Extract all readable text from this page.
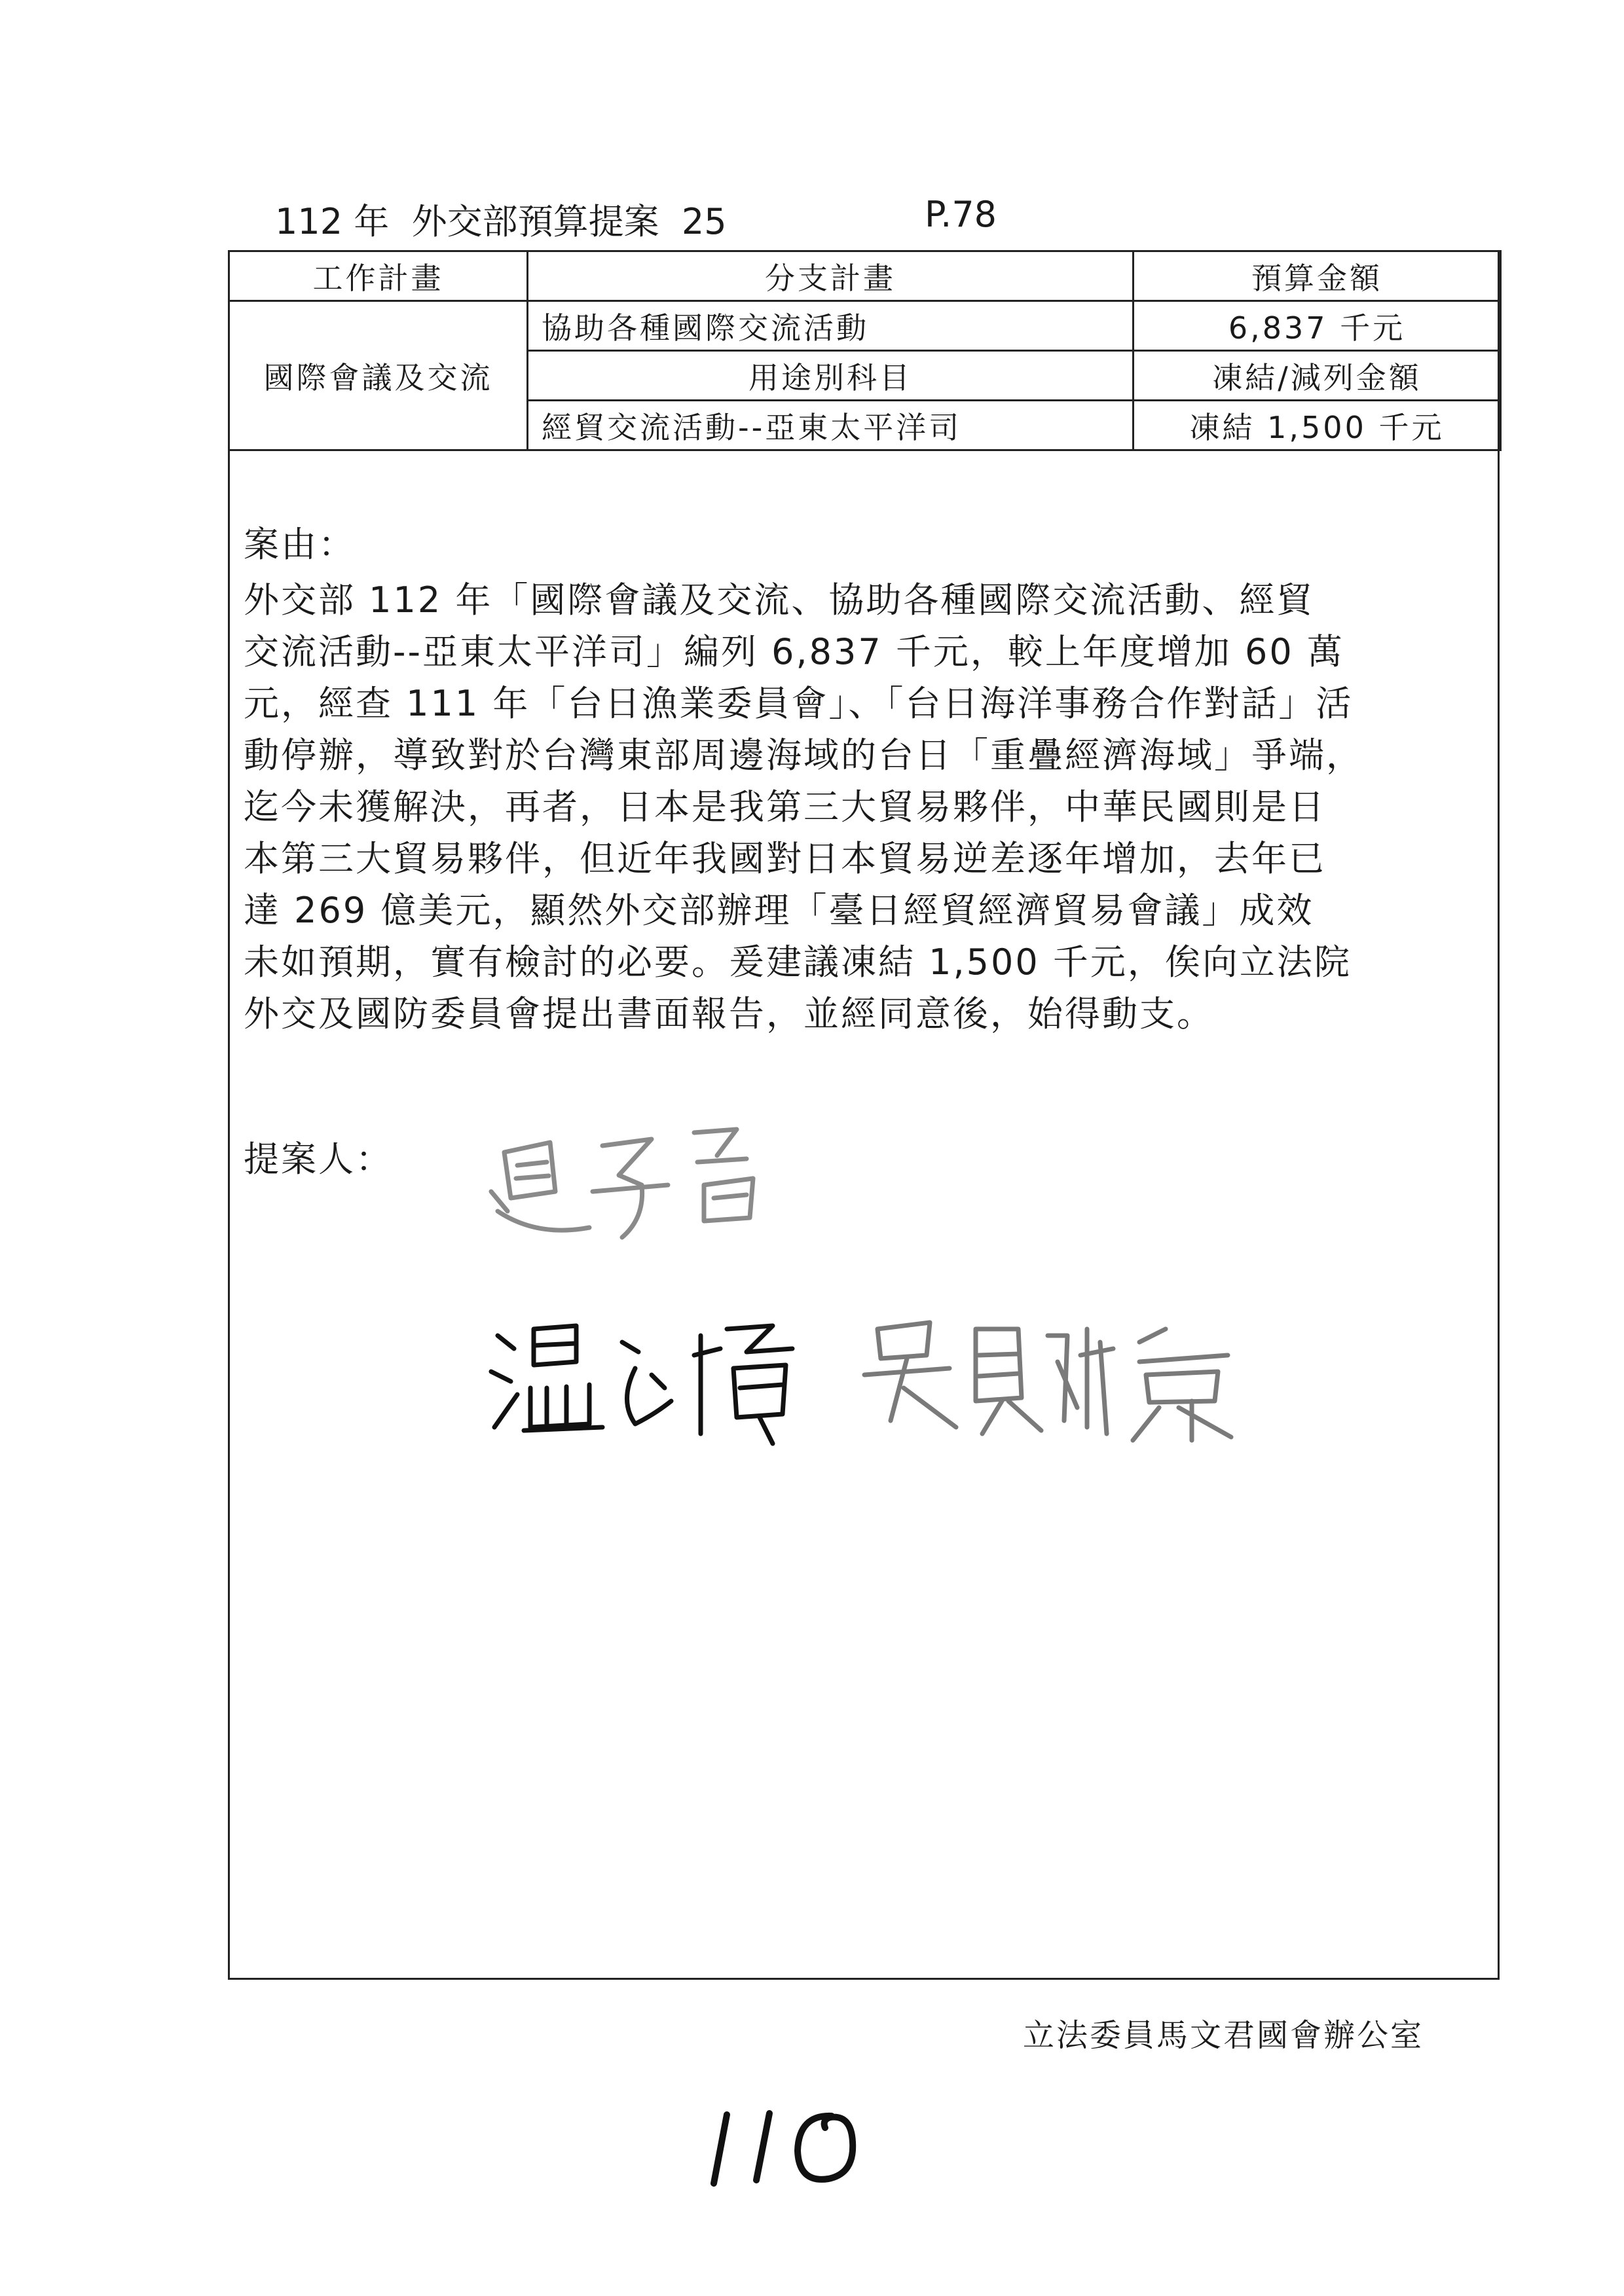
112 年  外交部預算提案  25

	P.78

工作計畫	分支計畫	預算金額
國際會議及交流	協助各種國際交流活動	6,837 千元
	用途別科目	凍結/減列金額
	經貿交流活動--亞東太平洋司	凍結 1,500 千元

案由：

外交部 112 年「國際會議及交流、協助各種國際交流活動、經貿

交流活動--亞東太平洋司」編列 6,837 千元，較上年度增加 60 萬

元，經查 111 年「台日漁業委員會」、「台日海洋事務合作對話」活

動停辦，導致對於台灣東部周邊海域的台日「重疊經濟海域」爭端，

迄今未獲解決，再者，日本是我第三大貿易夥伴，中華民國則是日

本第三大貿易夥伴，但近年我國對日本貿易逆差逐年增加，去年已

達 269 億美元，顯然外交部辦理「臺日經貿經濟貿易會議」成效

未如預期，實有檢討的必要。爰建議凍結 1,500 千元，俟向立法院

外交及國防委員會提出書面報告，並經同意後，始得動支。

提案人：
立法委員馬文君國會辦公室
